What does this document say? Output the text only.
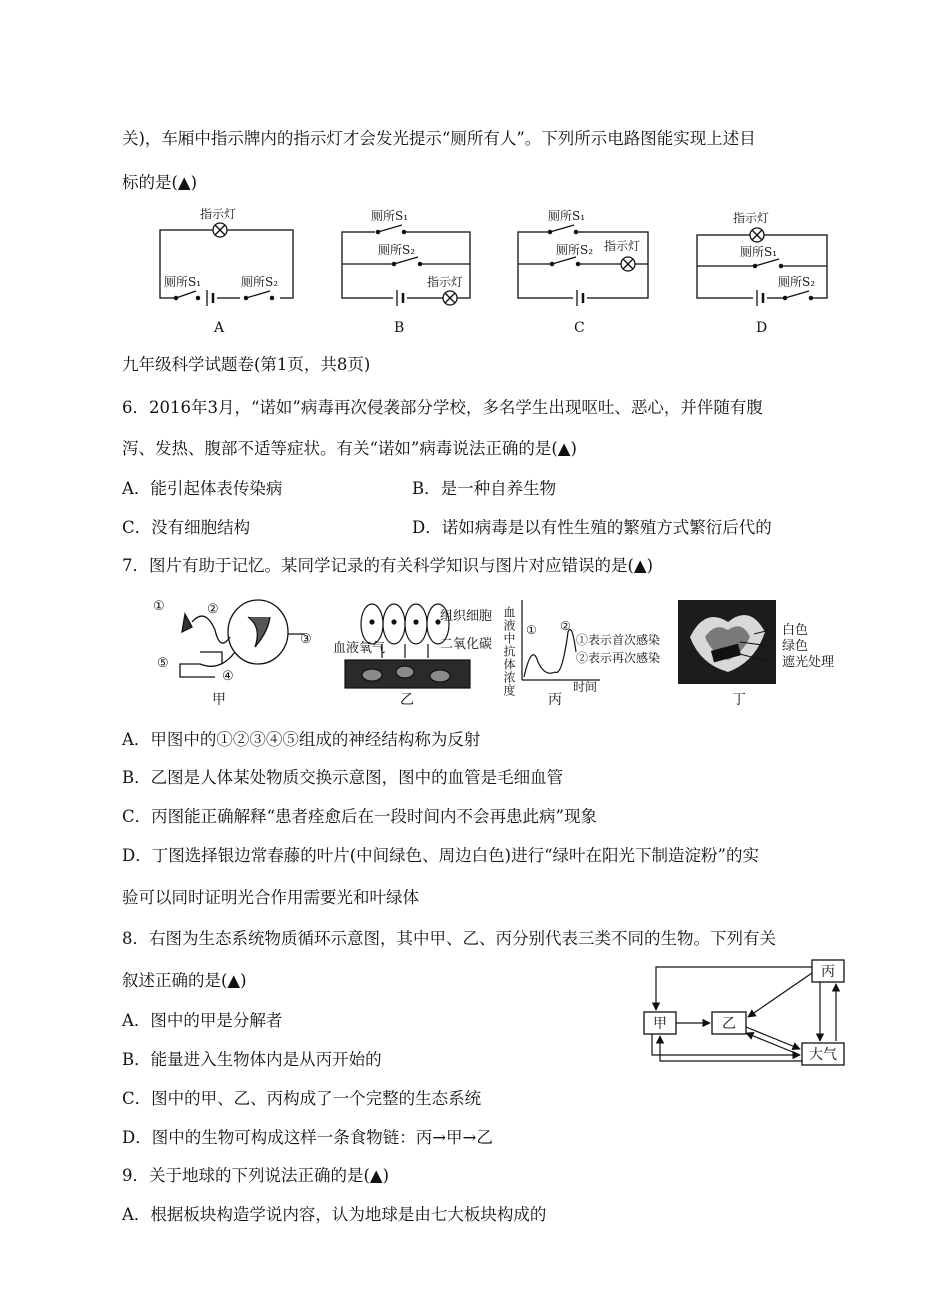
关)，车厢中指示牌内的指示灯才会发光提示“厕所有人”。下列所示电路图能实现上述目
标的是(▲)
指示灯
厕所S₁	厕所S₂
厕所S₁
厕所S₂
指示灯
厕所S₁
厕所S₂ 指示灯
指示灯
厕所S₁
厕所S₂
A	B	C	D
九年级科学试题卷(第1页，共8页)
6．2016年3月，“诺如”病毒再次侵袭部分学校，多名学生出现呕吐、恶心，并伴随有腹
泻、发热、腹部不适等症状。有关“诺如”病毒说法正确的是(▲)
A．能引起体表传染病	B．是一种自养生物
C．没有细胞结构	D．诺如病毒是以有性生殖的繁殖方式繁衍后代的
7．图片有助于记忆。某同学记录的有关科学知识与图片对应错误的是(▲)
①	②
③
④
⑤
甲
组织细胞
血液氧气	二氧化碳
乙
血液中抗体浓度	时间
① ②
①表示首次感染
②表示再次感染
丙
白色
绿色
遮光处理
丁
A．甲图中的①②③④⑤组成的神经结构称为反射
B．乙图是人体某处物质交换示意图，图中的血管是毛细血管
C．丙图能正确解释“患者痊愈后在一段时间内不会再患此病”现象
D．丁图选择银边常春藤的叶片(中间绿色、周边白色)进行“绿叶在阳光下制造淀粉”的实
验可以同时证明光合作用需要光和叶绿体
8．右图为生态系统物质循环示意图，其中甲、乙、丙分别代表三类不同的生物。下列有关
叙述正确的是(▲)
A．图中的甲是分解者
B．能量进入生物体内是从丙开始的
C．图中的甲、乙、丙构成了一个完整的生态系统
D．图中的生物可构成这样一条食物链：丙→甲→乙
丙
甲	乙
大气
9．关于地球的下列说法正确的是(▲)
A．根据板块构造学说内容，认为地球是由七大板块构成的
